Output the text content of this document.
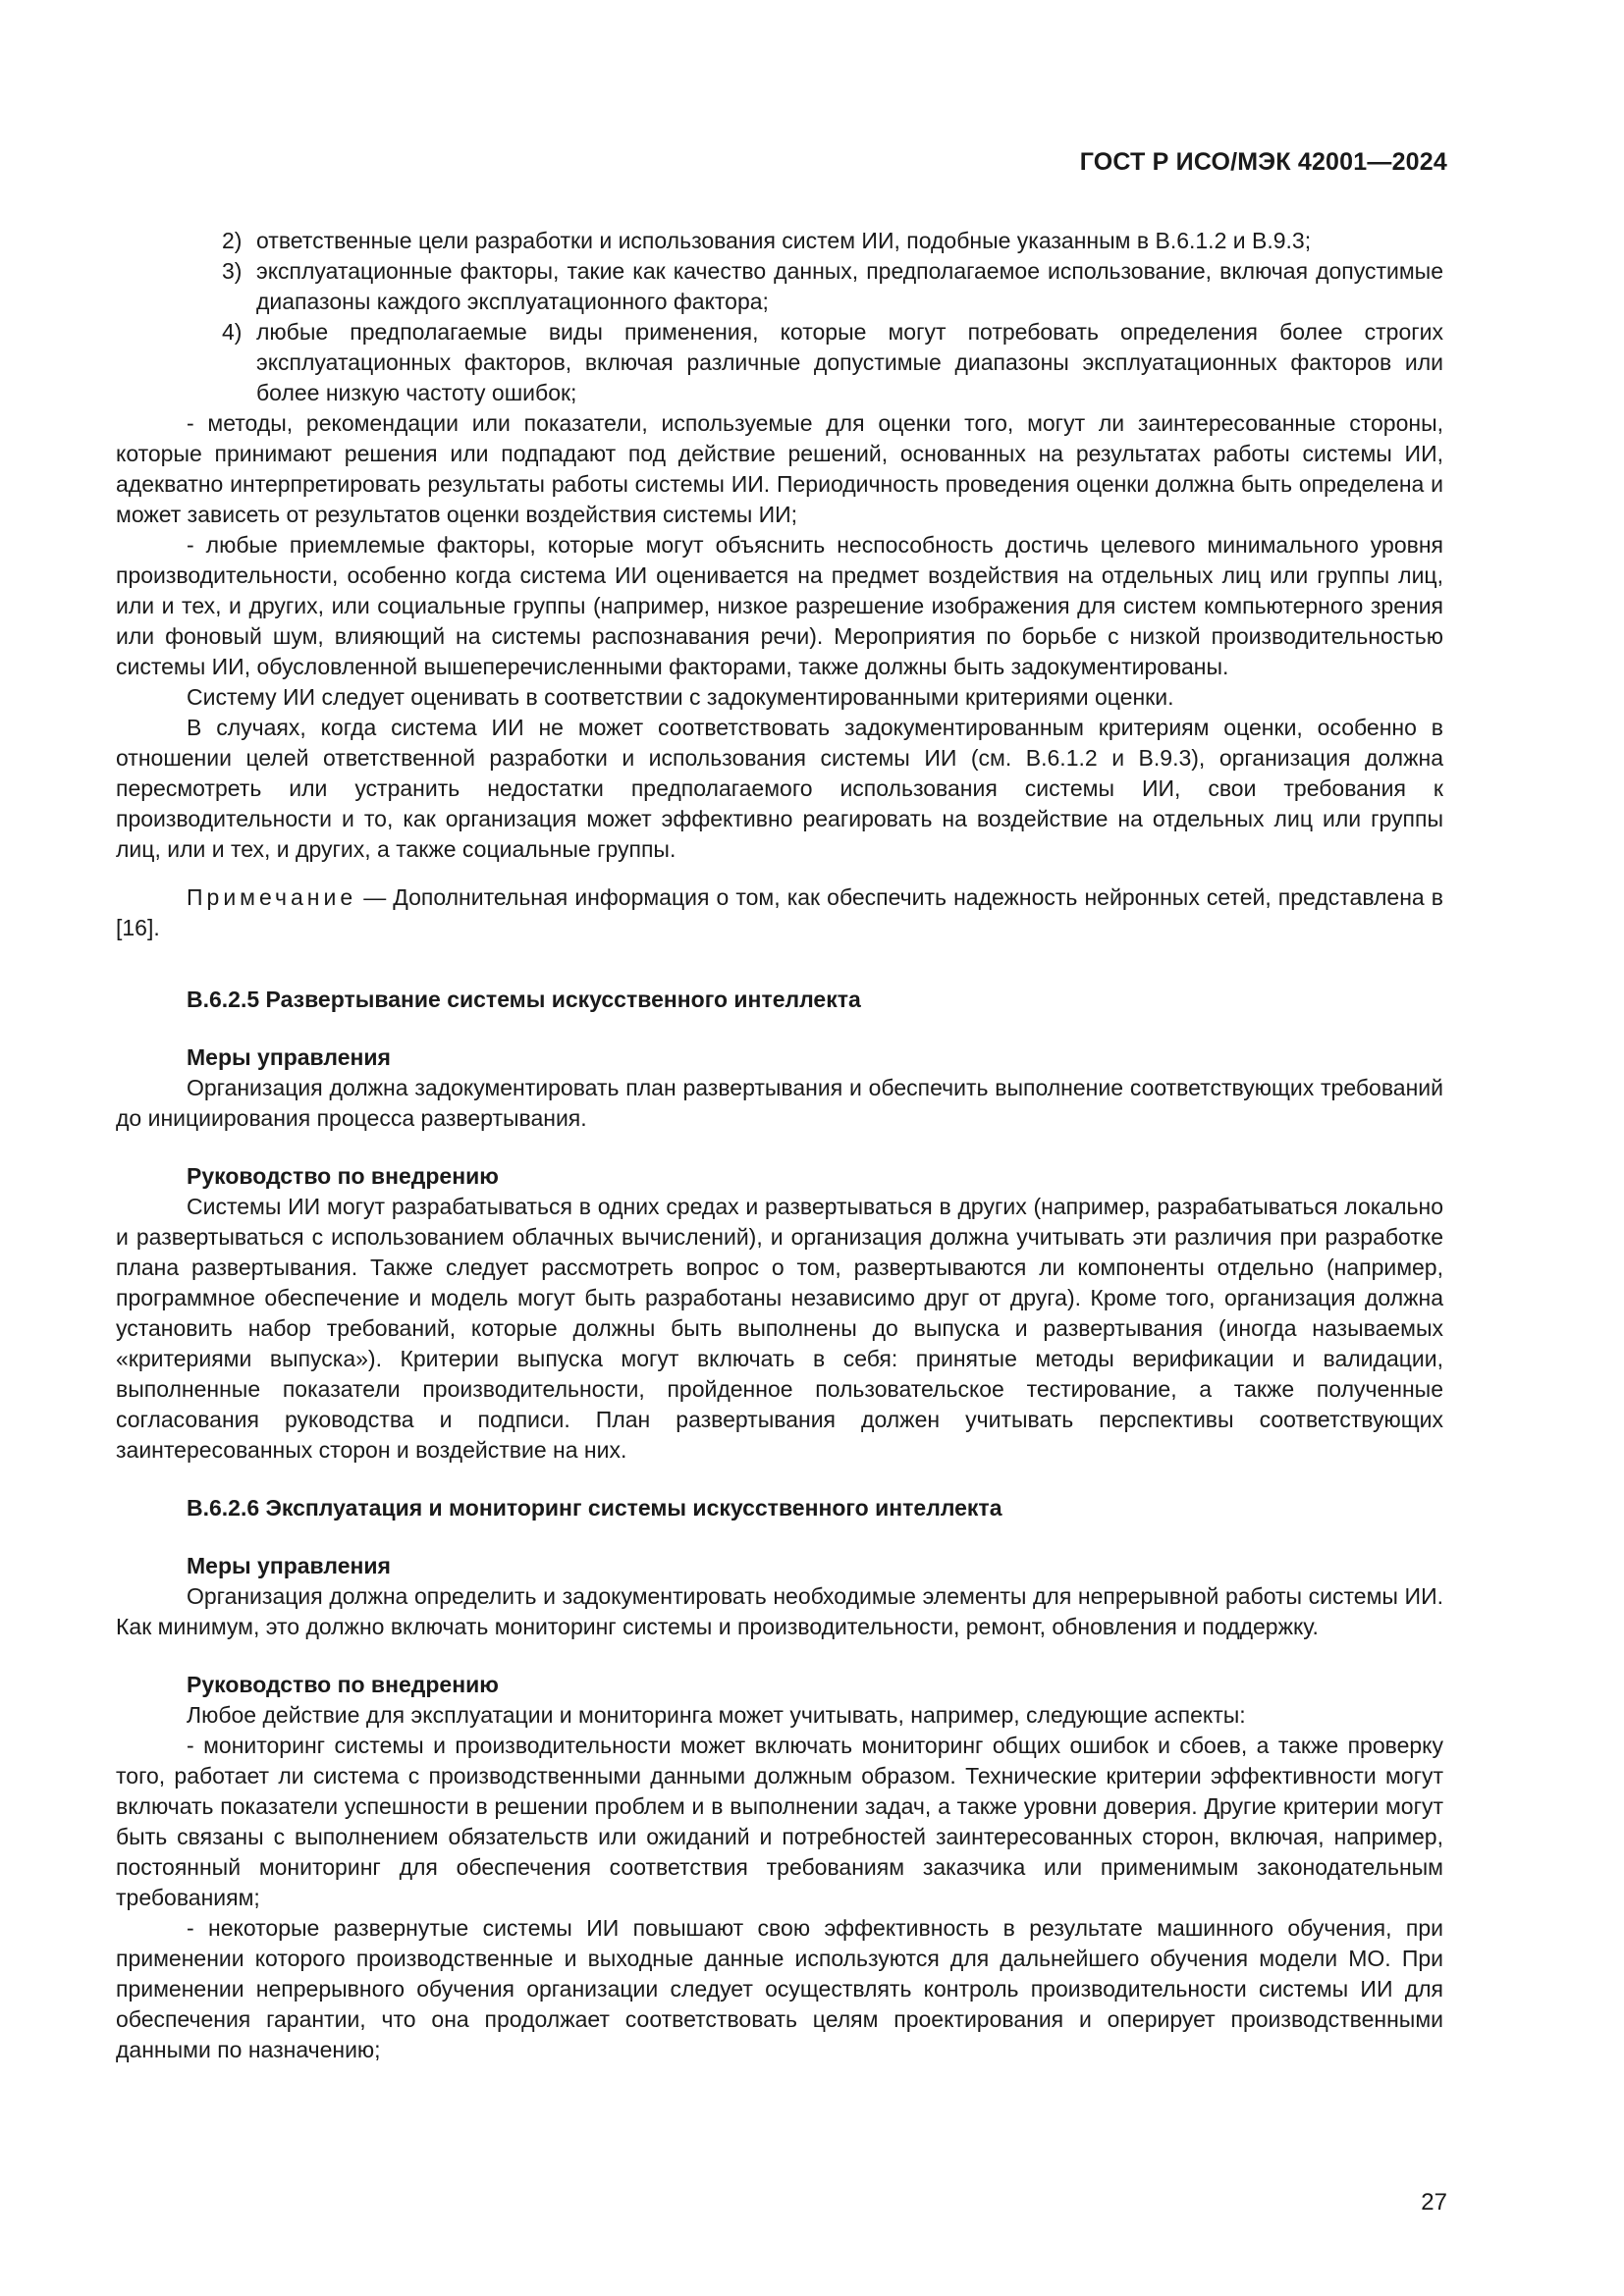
ГОСТ Р ИСО/МЭК 42001—2024
2) ответственные цели разработки и использования систем ИИ, подобные указанным в В.6.1.2 и В.9.3;
3) эксплуатационные факторы, такие как качество данных, предполагаемое использование, включая допустимые диапазоны каждого эксплуатационного фактора;
4) любые предполагаемые виды применения, которые могут потребовать определения более строгих эксплуатационных факторов, включая различные допустимые диапазоны эксплуатационных факторов или более низкую частоту ошибок;

- методы, рекомендации или показатели, используемые для оценки того, могут ли заинтересованные стороны, которые принимают решения или подпадают под действие решений, основанных на результатах работы системы ИИ, адекватно интерпретировать результаты работы системы ИИ. Периодичность проведения оценки должна быть определена и может зависеть от результатов оценки воздействия системы ИИ;

- любые приемлемые факторы, которые могут объяснить неспособность достичь целевого минимального уровня производительности, особенно когда система ИИ оценивается на предмет воздействия на отдельных лиц или группы лиц, или и тех, и других, или социальные группы (например, низкое разрешение изображения для систем компьютерного зрения или фоновый шум, влияющий на системы распознавания речи). Мероприятия по борьбе с низкой производительностью системы ИИ, обусловленной вышеперечисленными факторами, также должны быть задокументированы.

Систему ИИ следует оценивать в соответствии с задокументированными критериями оценки.

В случаях, когда система ИИ не может соответствовать задокументированным критериям оценки, особенно в отношении целей ответственной разработки и использования системы ИИ (см. В.6.1.2 и В.9.3), организация должна пересмотреть или устранить недостатки предполагаемого использования системы ИИ, свои требования к производительности и то, как организация может эффективно реагировать на воздействие на отдельных лиц или группы лиц, или и тех, и других, а также социальные группы.

Примечание — Дополнительная информация о том, как обеспечить надежность нейронных сетей, представлена в [16].

В.6.2.5 Развертывание системы искусственного интеллекта
Меры управления

Организация должна задокументировать план развертывания и обеспечить выполнение соответствующих требований до инициирования процесса развертывания.

Руководство по внедрению

Системы ИИ могут разрабатываться в одних средах и развертываться в других (например, разрабатываться локально и развертываться с использованием облачных вычислений), и организация должна учитывать эти различия при разработке плана развертывания. Также следует рассмотреть вопрос о том, развертываются ли компоненты отдельно (например, программное обеспечение и модель могут быть разработаны независимо друг от друга). Кроме того, организация должна установить набор требований, которые должны быть выполнены до выпуска и развертывания (иногда называемых «критериями выпуска»). Критерии выпуска могут включать в себя: принятые методы верификации и валидации, выполненные показатели производительности, пройденное пользовательское тестирование, а также полученные согласования руководства и подписи. План развертывания должен учитывать перспективы соответствующих заинтересованных сторон и воздействие на них.

В.6.2.6 Эксплуатация и мониторинг системы искусственного интеллекта
Меры управления

Организация должна определить и задокументировать необходимые элементы для непрерывной работы системы ИИ. Как минимум, это должно включать мониторинг системы и производительности, ремонт, обновления и поддержку.

Руководство по внедрению

Любое действие для эксплуатации и мониторинга может учитывать, например, следующие аспекты:

- мониторинг системы и производительности может включать мониторинг общих ошибок и сбоев, а также проверку того, работает ли система с производственными данными должным образом. Технические критерии эффективности могут включать показатели успешности в решении проблем и в выполнении задач, а также уровни доверия. Другие критерии могут быть связаны с выполнением обязательств или ожиданий и потребностей заинтересованных сторон, включая, например, постоянный мониторинг для обеспечения соответствия требованиям заказчика или применимым законодательным требованиям;

- некоторые развернутые системы ИИ повышают свою эффективность в результате машинного обучения, при применении которого производственные и выходные данные используются для дальнейшего обучения модели МО. При применении непрерывного обучения организации следует осуществлять контроль производительности системы ИИ для обеспечения гарантии, что она продолжает соответствовать целям проектирования и оперирует производственными данными по назначению;

27
